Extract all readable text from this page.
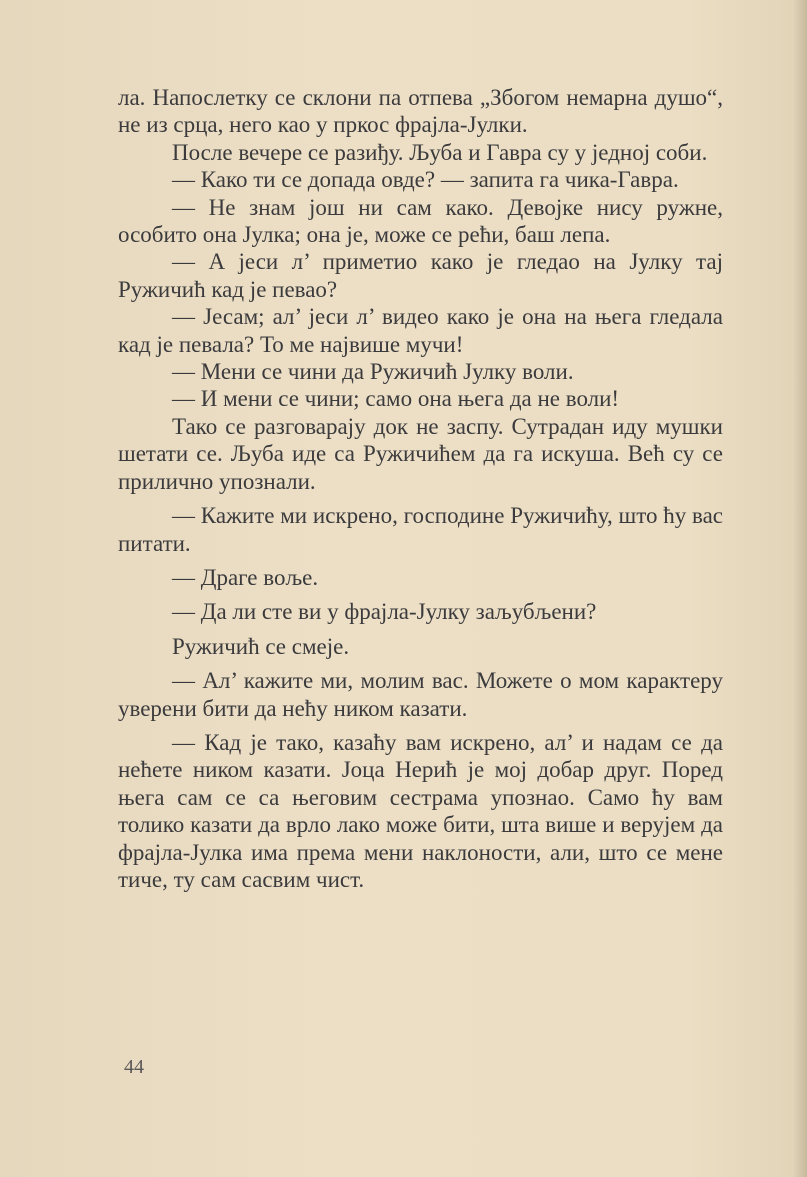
ла. Напослетку се склони па отпева „Збогом немарна душо“, не из срца, него као у пркос фрајла-Јулки.

После вечере се разиђу. Љуба и Гавра су у једној соби.

— Како ти се допада овде? — запита га чика-Гавра.

— Не знам још ни сам како. Девојке нису ружне, особито она Јулка; она је, може се рећи, баш лепа.

— А јеси л’ приметио како је гледао на Јулку тај Ружичић кад је певао?

— Јесам; ал’ јеси л’ видео како је она на њега гледала кад је певала? То ме највише мучи!

— Мени се чини да Ружичић Јулку воли.

— И мени се чини; само она њега да не воли!

Тако се разговарају док не заспу. Сутрадан иду мушки шетати се. Љуба иде са Ружичићем да га искуша. Већ су се прилично упознали.

— Кажите ми искрено, господине Ружичићу, што ћу вас питати.

— Драге воље.

— Да ли сте ви у фрајла-Јулку заљубљени?

Ружичић се смеје.

— Ал’ кажите ми, молим вас. Можете о мом карактеру уверени бити да нећу ником казати.

— Кад је тако, казаћу вам искрено, ал’ и надам се да нећете ником казати. Јоца Нерић је мој добар друг. Поред њега сам се са његовим сестрама упознао. Само ћу вам толико казати да врло лако може бити, шта више и верујем да фрајла-Јулка има према мени наклоности, али, што се мене тиче, ту сам сасвим чист.

44
